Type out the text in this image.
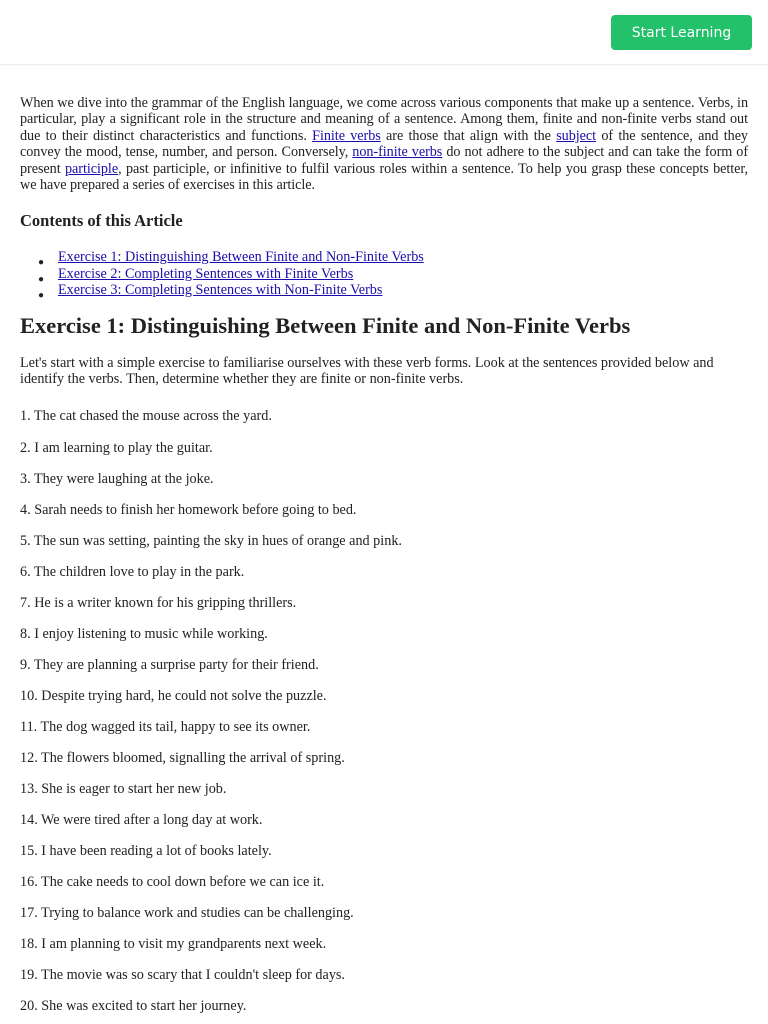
Start Learning

When we dive into the grammar of the English language, we come across various components that make up a sentence. Verbs, in particular, play a significant role in the structure and meaning of a sentence. Among them, finite and non-finite verbs stand out due to their distinct characteristics and functions. Finite verbs are those that align with the subject of the sentence, and they convey the mood, tense, number, and person. Conversely, non-finite verbs do not adhere to the subject and can take the form of present participle, past participle, or infinitive to fulfil various roles within a sentence. To help you grasp these concepts better, we have prepared a series of exercises in this article.

Contents of this Article
● Exercise 1: Distinguishing Between Finite and Non-Finite Verbs
● Exercise 2: Completing Sentences with Finite Verbs
● Exercise 3: Completing Sentences with Non-Finite Verbs
Exercise 1: Distinguishing Between Finite and Non-Finite Verbs

Let's start with a simple exercise to familiarise ourselves with these verb forms. Look at the sentences provided below and identify the verbs. Then, determine whether they are finite or non-finite verbs.

1. The cat chased the mouse across the yard.

2. I am learning to play the guitar.

3. They were laughing at the joke.

4. Sarah needs to finish her homework before going to bed.

5. The sun was setting, painting the sky in hues of orange and pink.

6. The children love to play in the park.

7. He is a writer known for his gripping thrillers.

8. I enjoy listening to music while working.

9. They are planning a surprise party for their friend.

10. Despite trying hard, he could not solve the puzzle.

11. The dog wagged its tail, happy to see its owner.

12. The flowers bloomed, signalling the arrival of spring.

13. She is eager to start her new job.

14. We were tired after a long day at work.

15. I have been reading a lot of books lately.

16. The cake needs to cool down before we can ice it.

17. Trying to balance work and studies can be challenging.

18. I am planning to visit my grandparents next week.

19. The movie was so scary that I couldn't sleep for days.

20. She was excited to start her journey.
